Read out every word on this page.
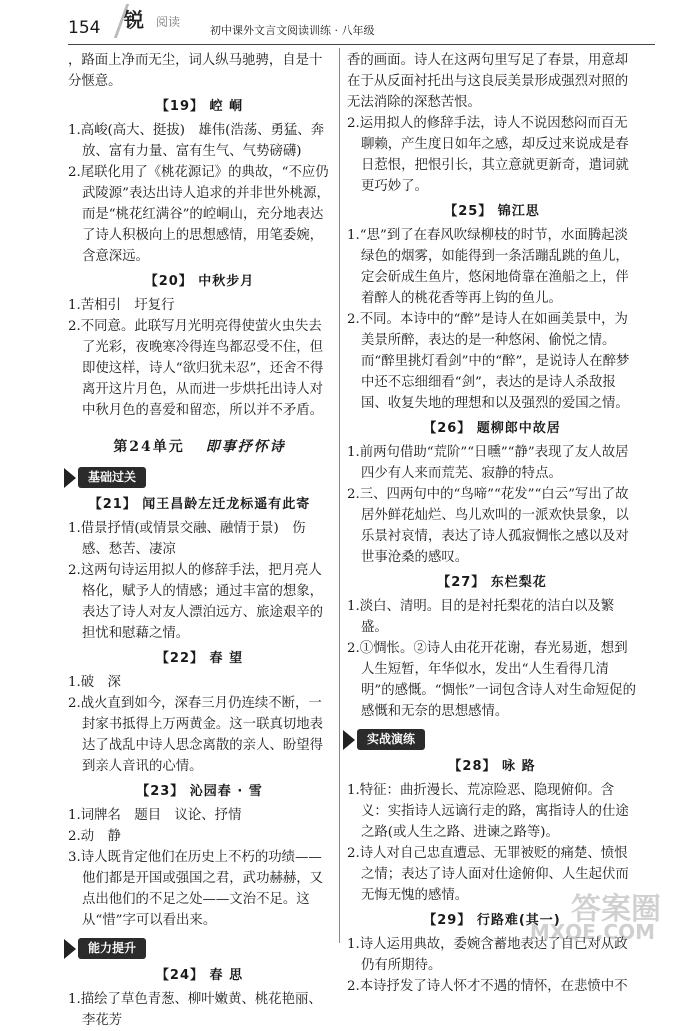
154 锐 阅读
初中课外文言文阅读训练 · 八年级

，路面上净而无尘，词人纵马驰骋，自是十分惬意。

【19】 崆 峒

1.高峻(高大、挺拔)　雄伟(浩荡、勇猛、奔放、富有力量、富有生气、气势磅礴)

2.尾联化用了《桃花源记》的典故，“不应仍武陵源”表达出诗人追求的并非世外桃源，而是“桃花红满谷”的崆峒山，充分地表达了诗人积极向上的思想感情，用笔委婉，含意深远。

【20】 中秋步月

1.苦相引　圩复行

2.不同意。此联写月光明亮得使萤火虫失去了光彩，夜晚寒冷得连鸟都忍受不住，但即使这样，诗人“欲归犹未忍”，还舍不得离开这片月色，从而进一步烘托出诗人对中秋月色的喜爱和留恋，所以并不矛盾。

第24单元 即事抒怀诗
基础过关
【21】 闻王昌龄左迁龙标遥有此寄

1.借景抒情(或情景交融、融情于景)　伤感、愁苦、凄凉

2.这两句诗运用拟人的修辞手法，把月亮人格化，赋予人的情感；通过丰富的想象，表达了诗人对友人漂泊远方、旅途艰辛的担忧和慰藉之情。

【22】 春 望

1.破　深

2.战火直到如今，深春三月仍连续不断，一封家书抵得上万两黄金。这一联真切地表达了战乱中诗人思念离散的亲人、盼望得到亲人音讯的心情。

【23】 沁园春 · 雪

1.词牌名　题目　议论、抒情

2.动　静

3.诗人既肯定他们在历史上不朽的功绩——他们都是开国或强国之君，武功赫赫，又点出他们的不足之处——文治不足。这从“惜”字可以看出来。

能力提升
【24】 春 思

1.描绘了草色青葱、柳叶嫩黄、桃花艳丽、李花芳

香的画面。诗人在这两句里写足了春景，用意却在于从反面衬托出与这良辰美景形成强烈对照的无法消除的深愁苦恨。

2.运用拟人的修辞手法，诗人不说因愁闷而百无聊赖，产生度日如年之感，却反过来说成是春日惹恨，把恨引长，其立意就更新奇，遣词就更巧妙了。

【25】 锦江思

1.“思”到了在春风吹绿柳枝的时节，水面腾起淡绿色的烟雾，如能得到一条活蹦乱跳的鱼儿，定会斫成生鱼片，悠闲地倚靠在渔船之上，伴着醉人的桃花香等再上钩的鱼儿。

2.不同。本诗中的“醉”是诗人在如画美景中，为美景所醉，表达的是一种悠闲、偷悦之情。而“醉里挑灯看剑”中的“醉”，是说诗人在醉梦中还不忘细细看“剑”，表达的是诗人杀敌报国、收复失地的理想和以及强烈的爱国之情。

【26】 题柳郎中故居

1.前两句借助“荒阶”“日曛”“静”表现了友人故居四少有人来而荒芜、寂静的特点。

2.三、四两句中的“鸟啼”“花发”“白云”写出了故居外鲜花灿烂、鸟儿欢叫的一派欢快景象，以乐景衬哀情，表达了诗人孤寂惆怅之感以及对世事沧桑的感叹。

【27】 东栏梨花

1.淡白、清明。目的是衬托梨花的洁白以及繁盛。

2.①惆怅。②诗人由花开花谢，春光易逝，想到人生短暂，年华似水，发出“人生看得几清明”的感慨。“惆怅”一词包含诗人对生命短促的感慨和无奈的思想感情。

实战演练
【28】 咏 路

1.特征：曲折漫长、荒凉险恶、隐现俯仰。含义：实指诗人远谪行走的路，寓指诗人的仕途之路(或人生之路、进谏之路等)。

2.诗人对自己忠直遭忌、无罪被贬的痛楚、愤恨之情；表达了诗人面对仕途俯仰、人生起伏而无悔无愧的感情。

【29】 行路难(其一)

1.诗人运用典故，委婉含蓄地表达了自己对从政仍有所期待。

2.本诗抒发了诗人怀才不遇的情怀，在悲愤中不

答案圈
MXQE.COM
